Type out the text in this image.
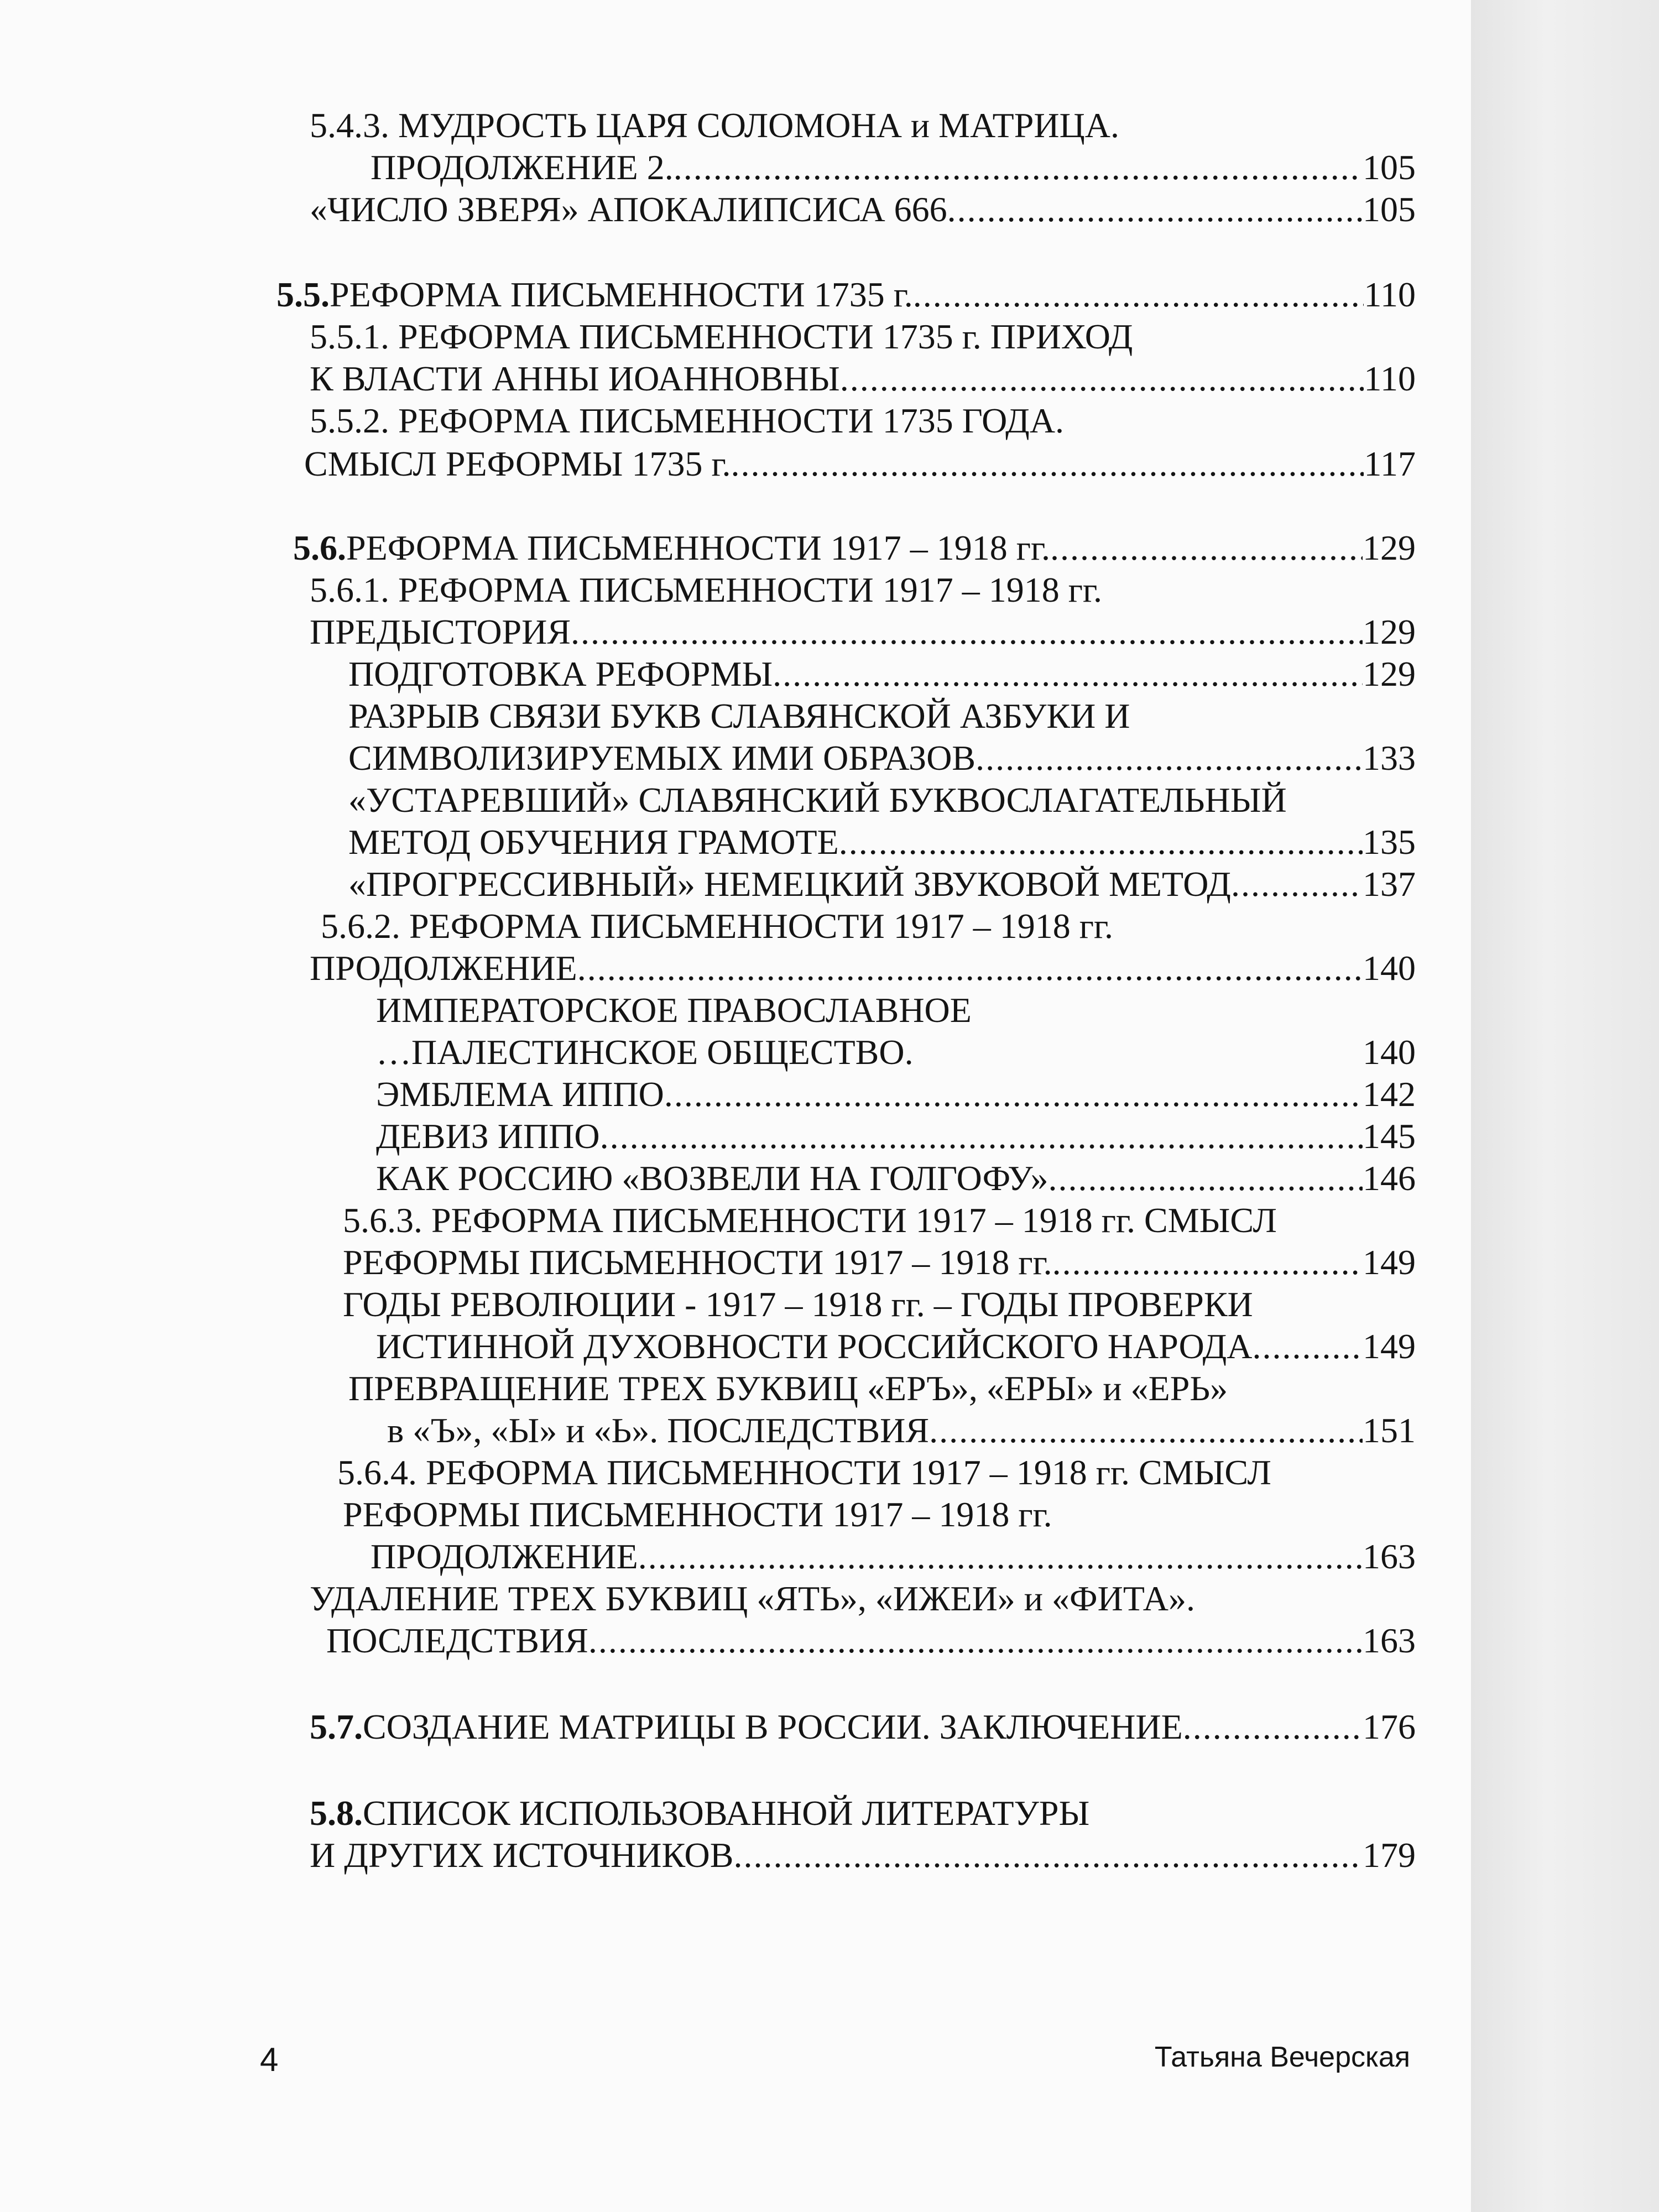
5.4.3. МУДРОСТЬ ЦАРЯ СОЛОМОНА и МАТРИЦА.
ПРОДОЛЖЕНИЕ 2. .....	105
«ЧИСЛО ЗВЕРЯ» АПОКАЛИПСИСА 666 .....	105
5.5. РЕФОРМА ПИСЬМЕННОСТИ 1735 г. .....	110
5.5.1. РЕФОРМА ПИСЬМЕННОСТИ 1735 г. ПРИХОД
К ВЛАСТИ АННЫ ИОАННОВНЫ .....	110
5.5.2. РЕФОРМА ПИСЬМЕННОСТИ 1735 ГОДА.
СМЫСЛ РЕФОРМЫ 1735 г. .....	117
5.6. РЕФОРМА ПИСЬМЕННОСТИ 1917 – 1918 гг. .....	129
5.6.1. РЕФОРМА ПИСЬМЕННОСТИ 1917 – 1918 гг.
ПРЕДЫСТОРИЯ .....	129
ПОДГОТОВКА РЕФОРМЫ .....	129
РАЗРЫВ СВЯЗИ БУКВ СЛАВЯНСКОЙ АЗБУКИ И
СИМВОЛИЗИРУЕМЫХ ИМИ ОБРАЗОВ .....	133
«УСТАРЕВШИЙ» СЛАВЯНСКИЙ БУКВОСЛАГАТЕЛЬНЫЙ
МЕТОД ОБУЧЕНИЯ ГРАМОТЕ .....	135
«ПРОГРЕССИВНЫЙ» НЕМЕЦКИЙ ЗВУКОВОЙ МЕТОД .....	137
5.6.2. РЕФОРМА ПИСЬМЕННОСТИ 1917 – 1918 гг.
ПРОДОЛЖЕНИЕ .....	140
ИМПЕРАТОРСКОЕ ПРАВОСЛАВНОЕ
…ПАЛЕСТИНСКОЕ ОБЩЕСТВО.	140
ЭМБЛЕМА ИППО .....	142
ДЕВИЗ ИППО .....	145
КАК РОССИЮ «ВОЗВЕЛИ НА ГОЛГОФУ» .....	146
5.6.3. РЕФОРМА ПИСЬМЕННОСТИ 1917 – 1918 гг. СМЫСЛ
РЕФОРМЫ ПИСЬМЕННОСТИ 1917 – 1918 гг. .....	149
ГОДЫ РЕВОЛЮЦИИ - 1917 – 1918 гг. – ГОДЫ ПРОВЕРКИ
ИСТИННОЙ ДУХОВНОСТИ РОССИЙСКОГО НАРОДА .....	149
ПРЕВРАЩЕНИЕ ТРЕХ БУКВИЦ «ЕРЪ», «ЕРЫ» и «ЕРЬ»
в «Ъ», «Ы» и «Ь». ПОСЛЕДСТВИЯ .....	151
5.6.4. РЕФОРМА ПИСЬМЕННОСТИ 1917 – 1918 гг. СМЫСЛ
РЕФОРМЫ ПИСЬМЕННОСТИ 1917 – 1918 гг.
ПРОДОЛЖЕНИЕ .....	163
УДАЛЕНИЕ ТРЕХ БУКВИЦ «ЯТЬ», «ИЖЕИ» и «ФИТА».
ПОСЛЕДСТВИЯ .....	163
5.7. СОЗДАНИЕ МАТРИЦЫ В РОССИИ. ЗАКЛЮЧЕНИЕ .....	176
5.8. СПИСОК ИСПОЛЬЗОВАННОЙ ЛИТЕРАТУРЫ
И ДРУГИХ ИСТОЧНИКОВ .....	179
4	Татьяна Вечерская
